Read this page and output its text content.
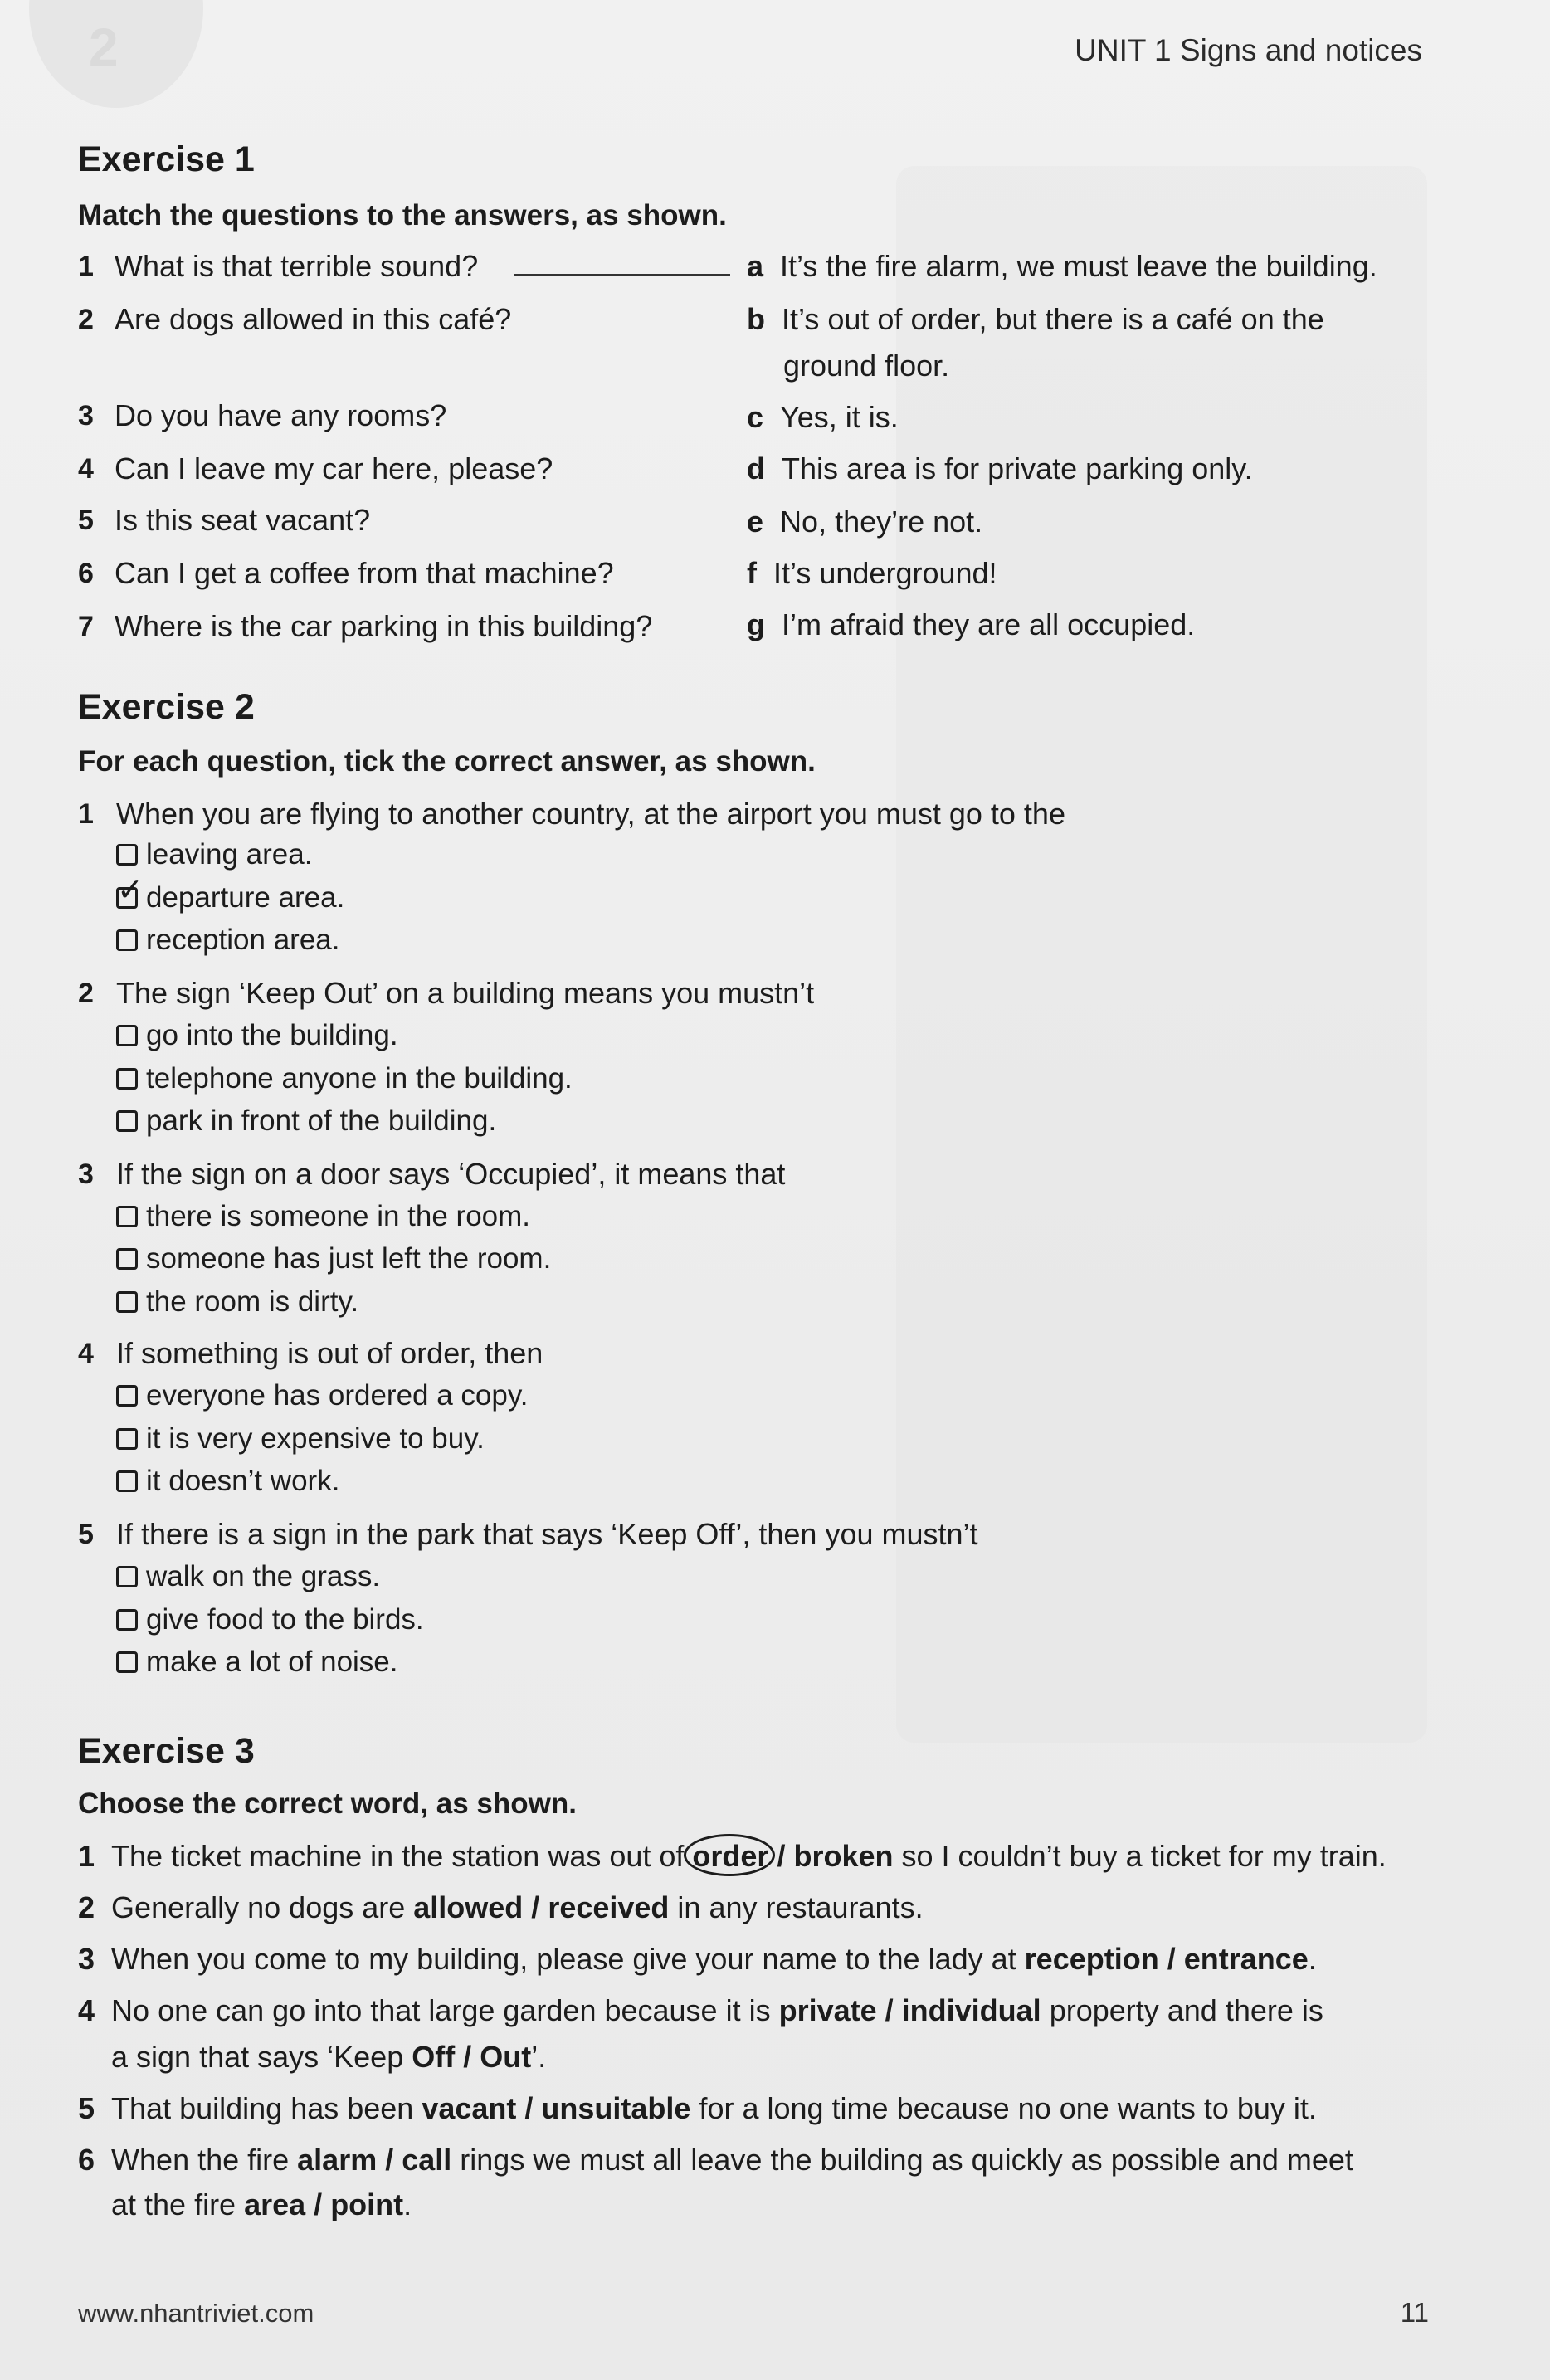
2	UNIT 1 Signs and notices
Exercise 1
Match the questions to the answers, as shown.
1 What is that terrible sound?
2 Are dogs allowed in this café?
3 Do you have any rooms?
4 Can I leave my car here, please?
5 Is this seat vacant?
6 Can I get a coffee from that machine?
7 Where is the car parking in this building?
a It’s the fire alarm, we must leave the building.
b It’s out of order, but there is a café on the
ground floor.
c Yes, it is.
d This area is for private parking only.
e No, they’re not.
f It’s underground!
g I’m afraid they are all occupied.
Exercise 2
For each question, tick the correct answer, as shown.
1 When you are flying to another country, at the airport you must go to the
leaving area.
✓
departure area.
reception area.
2 The sign ‘Keep Out’ on a building means you mustn’t
go into the building.
telephone anyone in the building.
park in front of the building.
3 If the sign on a door says ‘Occupied’, it means that
there is someone in the room.
someone has just left the room.
the room is dirty.
4 If something is out of order, then
everyone has ordered a copy.
it is very expensive to buy.
it doesn’t work.
5 If there is a sign in the park that says ‘Keep Off’, then you mustn’t
walk on the grass.
give food to the birds.
make a lot of noise.
Exercise 3
Choose the correct word, as shown.
1 The ticket machine in the station was out of order
/ broken so I couldn’t buy a ticket for my train.
2 Generally no dogs are allowed / received in any restaurants.
3 When you come to my building, please give your name to the lady at reception / entrance.
4 No one can go into that large garden because it is private / individual property and there is
a sign that says ‘Keep Off / Out’.
5 That building has been vacant / unsuitable for a long time because no one wants to buy it.
6 When the fire alarm / call rings we must all leave the building as quickly as possible and meet
at the fire area / point.
www.nhantriviet.com	11
